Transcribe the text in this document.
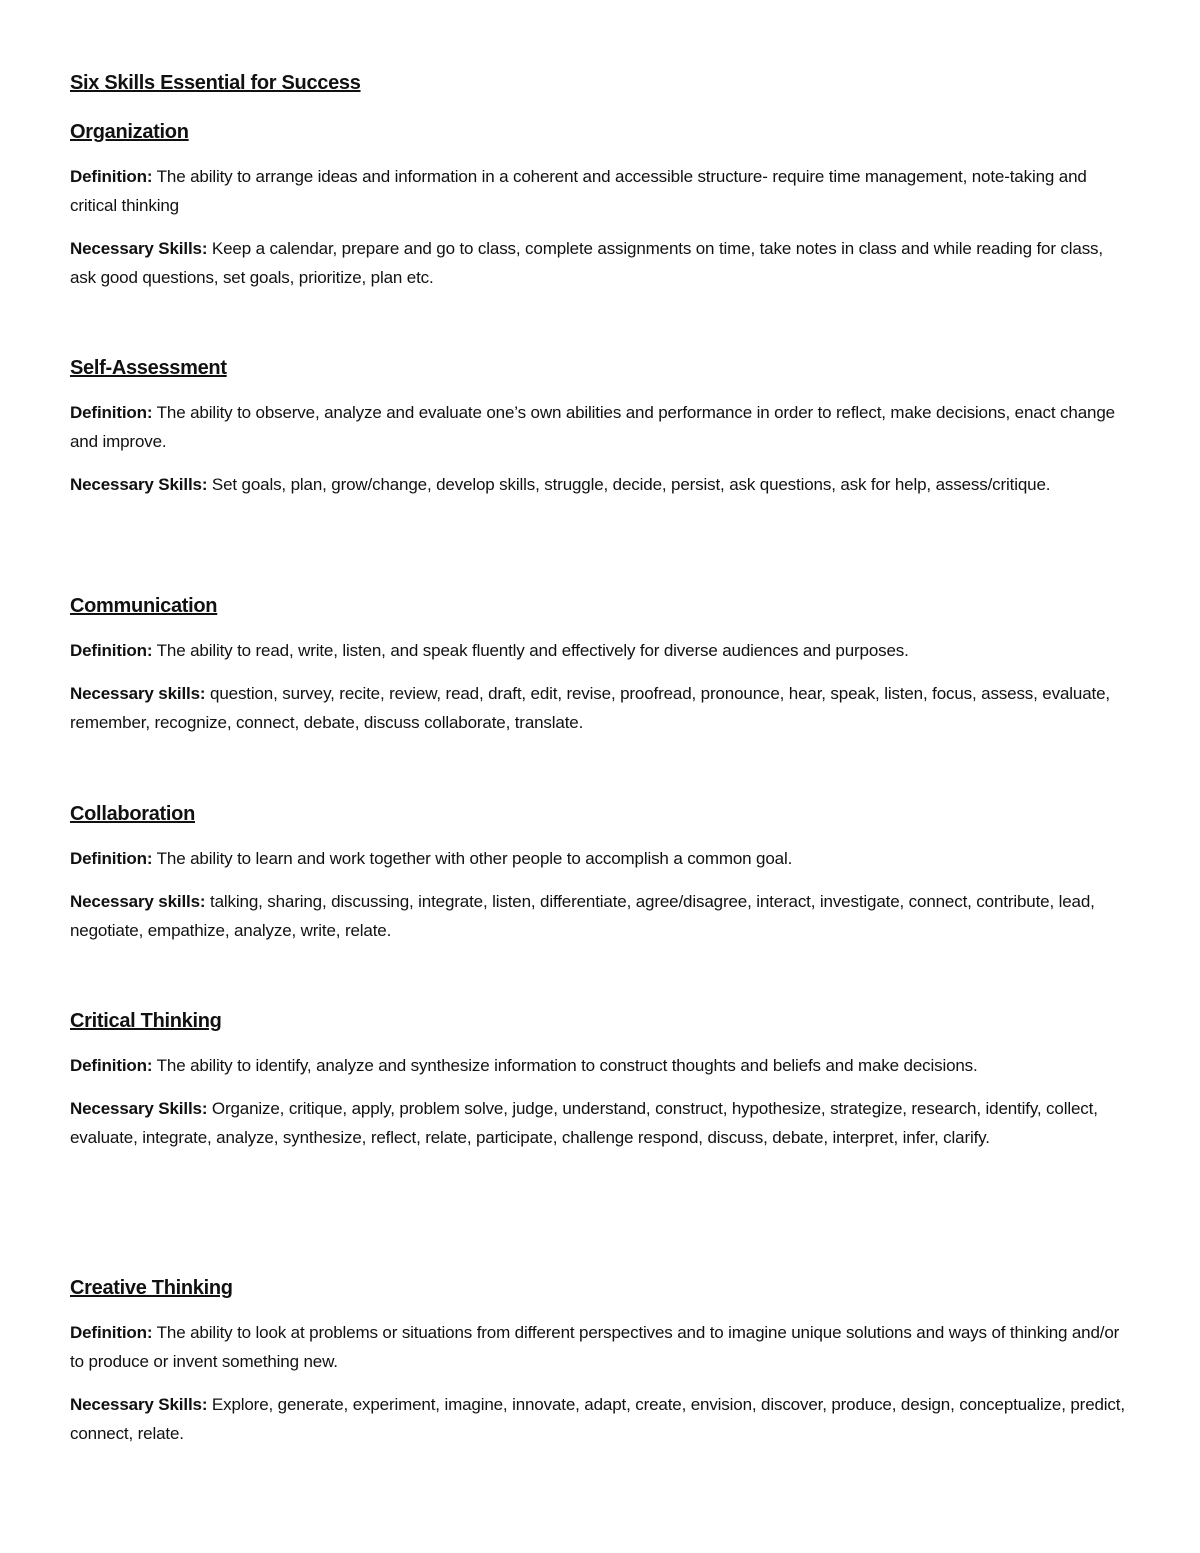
Six Skills Essential for Success
Organization

Definition: The ability to arrange ideas and information in a coherent and accessible structure- require time management, note-taking and critical thinking

Necessary Skills: Keep a calendar, prepare and go to class, complete assignments on time, take notes in class and while reading for class, ask good questions, set goals, prioritize, plan etc.

Self-Assessment

Definition: The ability to observe, analyze and evaluate one’s own abilities and performance in order to reflect, make decisions, enact change and improve.

Necessary Skills: Set goals, plan, grow/change, develop skills, struggle, decide, persist, ask questions, ask for help, assess/critique.

Communication

Definition: The ability to read, write, listen, and speak fluently and effectively for diverse audiences and purposes.

Necessary skills: question, survey, recite, review, read, draft, edit, revise, proofread, pronounce, hear, speak, listen, focus, assess, evaluate, remember, recognize, connect, debate, discuss collaborate, translate.

Collaboration

Definition: The ability to learn and work together with other people to accomplish a common goal.

Necessary skills: talking, sharing, discussing, integrate, listen, differentiate, agree/disagree, interact, investigate, connect, contribute, lead, negotiate, empathize, analyze, write, relate.

Critical Thinking

Definition: The ability to identify, analyze and synthesize information to construct thoughts and beliefs and make decisions.

Necessary Skills: Organize, critique, apply, problem solve, judge, understand, construct, hypothesize, strategize, research, identify, collect, evaluate, integrate, analyze, synthesize, reflect, relate, participate, challenge respond, discuss, debate, interpret, infer, clarify.

Creative Thinking

Definition: The ability to look at problems or situations from different perspectives and to imagine unique solutions and ways of thinking and/or to produce or invent something new.

Necessary Skills: Explore, generate, experiment, imagine, innovate, adapt, create, envision, discover, produce, design, conceptualize, predict, connect, relate.
